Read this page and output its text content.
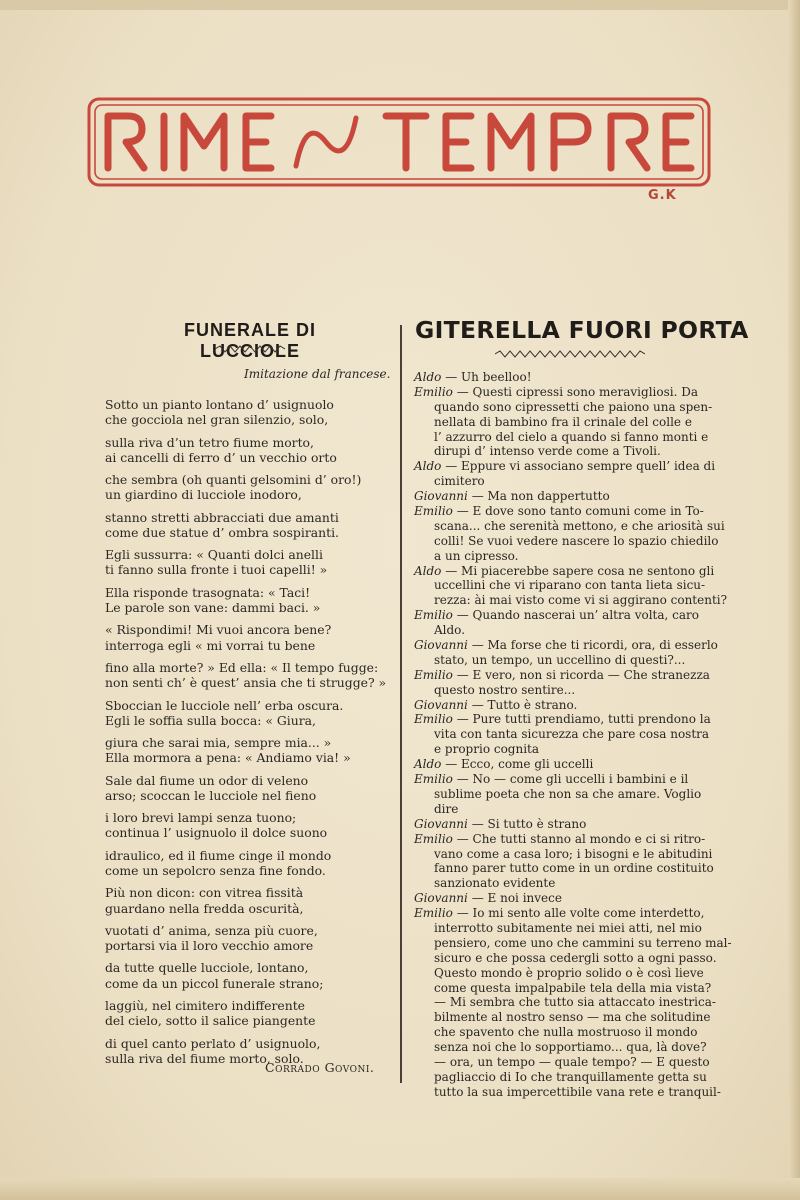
G.K
FUNERALE DI LUCCIOLE
Imitazione dal francese.
Sotto un pianto lontano d’ usignuolo
che gocciola nel gran silenzio, solo,
sulla riva d’un tetro fiume morto,
ai cancelli di ferro d’ un vecchio orto
che sembra (oh quanti gelsomini d’ oro!)
un giardino di lucciole inodoro,
stanno stretti abbracciati due amanti
come due statue d’ ombra sospiranti.
Egli sussurra: « Quanti dolci anelli
ti fanno sulla fronte i tuoi capelli! »
Ella risponde trasognata: « Taci!
Le parole son vane: dammi baci. »
« Rispondimi! Mi vuoi ancora bene?
interroga egli « mi vorrai tu bene
fino alla morte? » Ed ella: « Il tempo fugge:
non senti ch’ è quest’ ansia che ti strugge? »
Sboccian le lucciole nell’ erba oscura.
Egli le soffia sulla bocca: « Giura,
giura che sarai mia, sempre mia... »
Ella mormora a pena: « Andiamo via! »
Sale dal fiume un odor di veleno
arso; scoccan le lucciole nel fieno
i loro brevi lampi senza tuono;
continua l’ usignuolo il dolce suono
idraulico, ed il fiume cinge il mondo
come un sepolcro senza fine fondo.
Più non dicon: con vitrea fissità
guardano nella fredda oscurità,
vuotati d’ anima, senza più cuore,
portarsi via il loro vecchio amore
da tutte quelle lucciole, lontano,
come da un piccol funerale strano;
laggiù, nel cimitero indifferente
del cielo, sotto il salice piangente
di quel canto perlato d’ usignuolo,
sulla riva del fiume morto, solo.
Corrado Govoni.
GITERELLA FUORI PORTA
Aldo — Uh beelloo!
Emilio — Questi cipressi sono meravigliosi. Da
quando sono cipressetti che paiono una spen-
nellata di bambino fra il crinale del colle e
l’ azzurro del cielo a quando si fanno monti e
dirupi d’ intenso verde come a Tivoli.
Aldo — Eppure vi associano sempre quell’ idea di
cimitero
Giovanni — Ma non dappertutto
Emilio — E dove sono tanto comuni come in To-
scana... che serenità mettono, e che ariosità sui
colli! Se vuoi vedere nascere lo spazio chiedilo
a un cipresso.
Aldo — Mi piacerebbe sapere cosa ne sentono gli
uccellini che vi riparano con tanta lieta sicu-
rezza: ài mai visto come vi si aggirano contenti?
Emilio — Quando nascerai un’ altra volta, caro
Aldo.
Giovanni — Ma forse che ti ricordi, ora, di esserlo
stato, un tempo, un uccellino di questi?...
Emilio — E vero, non si ricorda — Che stranezza
questo nostro sentire...
Giovanni — Tutto è strano.
Emilio — Pure tutti prendiamo, tutti prendono la
vita con tanta sicurezza che pare cosa nostra
e proprio cognita
Aldo — Ecco, come gli uccelli
Emilio — No — come gli uccelli i bambini e il
sublime poeta che non sa che amare. Voglio
dire
Giovanni — Si tutto è strano
Emilio — Che tutti stanno al mondo e ci si ritro-
vano come a casa loro; i bisogni e le abitudini
fanno parer tutto come in un ordine costituito
sanzionato evidente
Giovanni — E noi invece
Emilio — Io mi sento alle volte come interdetto,
interrotto subitamente nei miei atti, nel mio
pensiero, come uno che cammini su terreno mal-
sicuro e che possa cedergli sotto a ogni passo.
Questo mondo è proprio solido o è così lieve
come questa impalpabile tela della mia vista?
— Mi sembra che tutto sia attaccato inestrica-
bilmente al nostro senso — ma che solitudine
che spavento che nulla mostruoso il mondo
senza noi che lo sopportiamo... qua, là dove?
— ora, un tempo — quale tempo? — E questo
pagliaccio di Io che tranquillamente getta su
tutto la sua impercettibile vana rete e tranquil-
